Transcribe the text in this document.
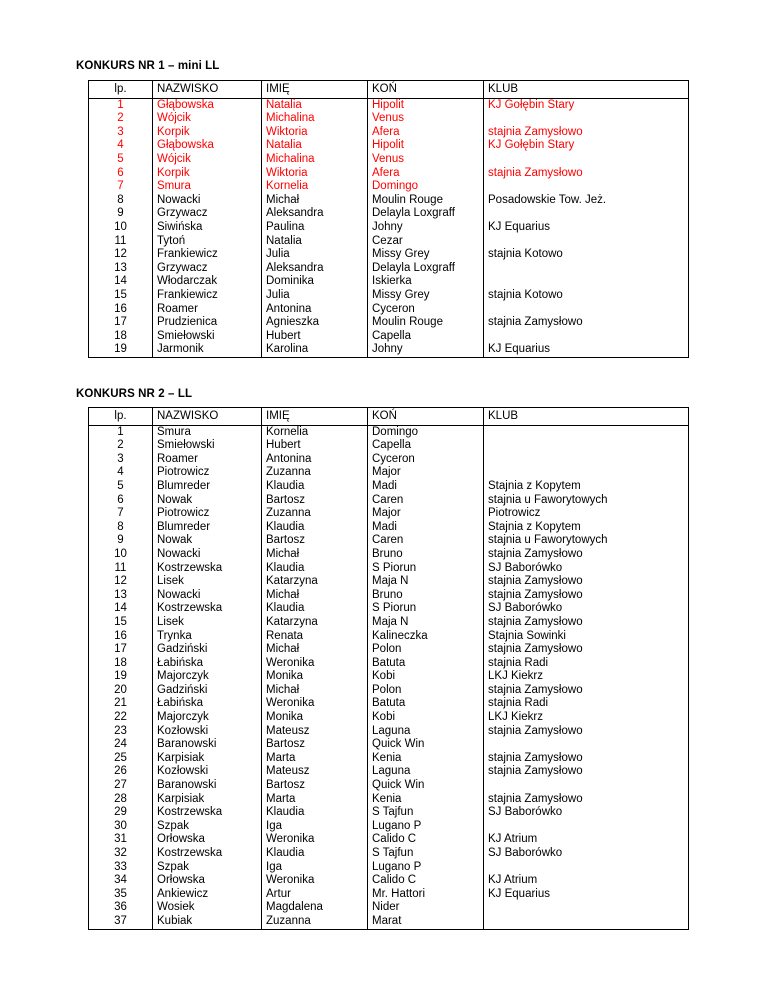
KONKURS NR 1 – mini LL
lp.	NAZWISKO	IMIĘ	KOŃ	KLUB
1	Głąbowska	Natalia	Hipolit	KJ Gołębin Stary
2	Wójcik	Michalina	Venus	
3	Korpik	Wiktoria	Afera	stajnia Zamysłowo
4	Głąbowska	Natalia	Hipolit	KJ Gołębin Stary
5	Wójcik	Michalina	Venus	
6	Korpik	Wiktoria	Afera	stajnia Zamysłowo
7	Smura	Kornelia	Domingo	
8	Nowacki	Michał	Moulin Rouge	Posadowskie Tow. Jeż.
9	Grzywacz	Aleksandra	Delayla Loxgraff	
10	Siwińska	Paulina	Johny	KJ Equarius
11	Tytoń	Natalia	Cezar	
12	Frankiewicz	Julia	Missy Grey	stajnia Kotowo
13	Grzywacz	Aleksandra	Delayla Loxgraff	
14	Włodarczak	Dominika	Iskierka	
15	Frankiewicz	Julia	Missy Grey	stajnia Kotowo
16	Roamer	Antonina	Cyceron	
17	Prudzienica	Agnieszka	Moulin Rouge	stajnia Zamysłowo
18	Smiełowski	Hubert	Capella	
19	Jarmonik	Karolina	Johny	KJ Equarius
KONKURS NR 2 – LL
lp.	NAZWISKO	IMIĘ	KOŃ	KLUB
1	Smura	Kornelia	Domingo	
2	Śmiełowski	Hubert	Capella	
3	Roamer	Antonina	Cyceron	
4	Piotrowicz	Zuzanna	Major	
5	Blumreder	Klaudia	Madi	Stajnia z Kopytem
6	Nowak	Bartosz	Caren	stajnia u Faworytowych
7	Piotrowicz	Zuzanna	Major	Piotrowicz
8	Blumreder	Klaudia	Madi	Stajnia z Kopytem
9	Nowak	Bartosz	Caren	stajnia u Faworytowych
10	Nowacki	Michał	Bruno	stajnia Zamysłowo
11	Kostrzewska	Klaudia	S Piorun	SJ Baborówko
12	Lisek	Katarzyna	Maja N	stajnia Zamysłowo
13	Nowacki	Michał	Bruno	stajnia Zamysłowo
14	Kostrzewska	Klaudia	S Piorun	SJ Baborówko
15	Lisek	Katarzyna	Maja N	stajnia Zamysłowo
16	Trynka	Renata	Kalineczka	Stajnia Sowinki
17	Gadziński	Michał	Polon	stajnia Zamysłowo
18	Łabińska	Weronika	Batuta	stajnia Radi
19	Majorczyk	Monika	Kobi	LKJ Kiekrz
20	Gadziński	Michał	Polon	stajnia Zamysłowo
21	Łabińska	Weronika	Batuta	stajnia Radi
22	Majorczyk	Monika	Kobi	LKJ Kiekrz
23	Kozłowski	Mateusz	Laguna	stajnia Zamysłowo
24	Baranowski	Bartosz	Quick Win	
25	Karpisiak	Marta	Kenia	stajnia Zamysłowo
26	Kozłowski	Mateusz	Laguna	stajnia Zamysłowo
27	Baranowski	Bartosz	Quick Win	
28	Karpisiak	Marta	Kenia	stajnia Zamysłowo
29	Kostrzewska	Klaudia	S Tajfun	SJ Baborówko
30	Szpak	Iga	Lugano P	
31	Orłowska	Weronika	Calido C	KJ Atrium
32	Kostrzewska	Klaudia	S Tajfun	SJ Baborówko
33	Szpak	Iga	Lugano P	
34	Orłowska	Weronika	Calido C	KJ Atrium
35	Ankiewicz	Artur	Mr. Hattori	KJ Equarius
36	Wosiek	Magdalena	Nider	
37	Kubiak	Zuzanna	Marat	
